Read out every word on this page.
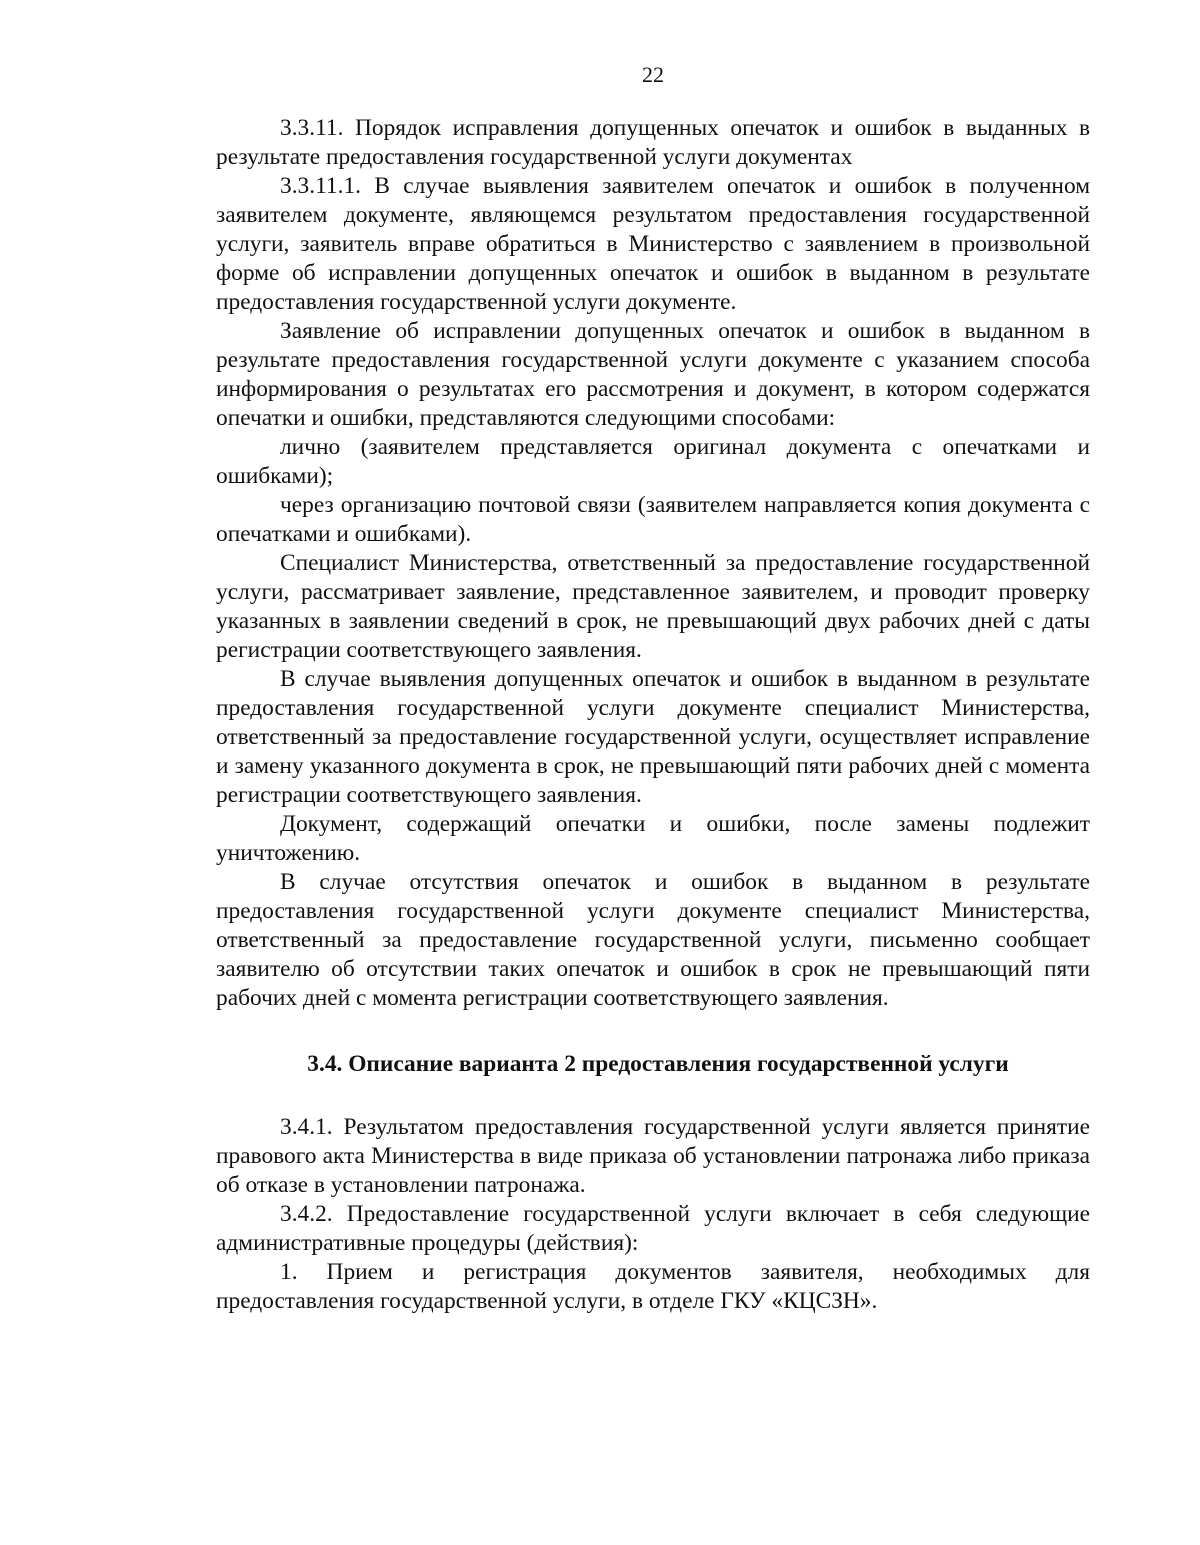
22

3.3.11. Порядок исправления допущенных опечаток и ошибок в выданных в результате предоставления государственной услуги документах

3.3.11.1. В случае выявления заявителем опечаток и ошибок в полученном заявителем документе, являющемся результатом предоставления государственной услуги, заявитель вправе обратиться в Министерство с заявлением в произвольной форме об исправлении допущенных опечаток и ошибок в выданном в результате предоставления государственной услуги документе.

Заявление об исправлении допущенных опечаток и ошибок в выданном в результате предоставления государственной услуги документе с указанием способа информирования о результатах его рассмотрения и документ, в котором содержатся опечатки и ошибки, представляются следующими способами:

лично (заявителем представляется оригинал документа с опечатками и ошибками);

через организацию почтовой связи (заявителем направляется копия документа с опечатками и ошибками).

Специалист Министерства, ответственный за предоставление государственной услуги, рассматривает заявление, представленное заявителем, и проводит проверку указанных в заявлении сведений в срок, не превышающий двух рабочих дней с даты регистрации соответствующего заявления.

В случае выявления допущенных опечаток и ошибок в выданном в результате предоставления государственной услуги документе специалист Министерства, ответственный за предоставление государственной услуги, осуществляет исправление и замену указанного документа в срок, не превышающий пяти рабочих дней с момента регистрации соответствующего заявления.

Документ, содержащий опечатки и ошибки, после замены подлежит уничтожению.

В случае отсутствия опечаток и ошибок в выданном в результате предоставления государственной услуги документе специалист Министерства, ответственный за предоставление государственной услуги, письменно сообщает заявителю об отсутствии таких опечаток и ошибок в срок не превышающий пяти рабочих дней с момента регистрации соответствующего заявления.

3.4. Описание варианта 2 предоставления государственной услуги

3.4.1. Результатом предоставления государственной услуги является принятие правового акта Министерства в виде приказа об установлении патронажа либо приказа об отказе в установлении патронажа.

3.4.2. Предоставление государственной услуги включает в себя следующие административные процедуры (действия):

1. Прием и регистрация документов заявителя, необходимых для предоставления государственной услуги, в отделе ГКУ «КЦСЗН».
